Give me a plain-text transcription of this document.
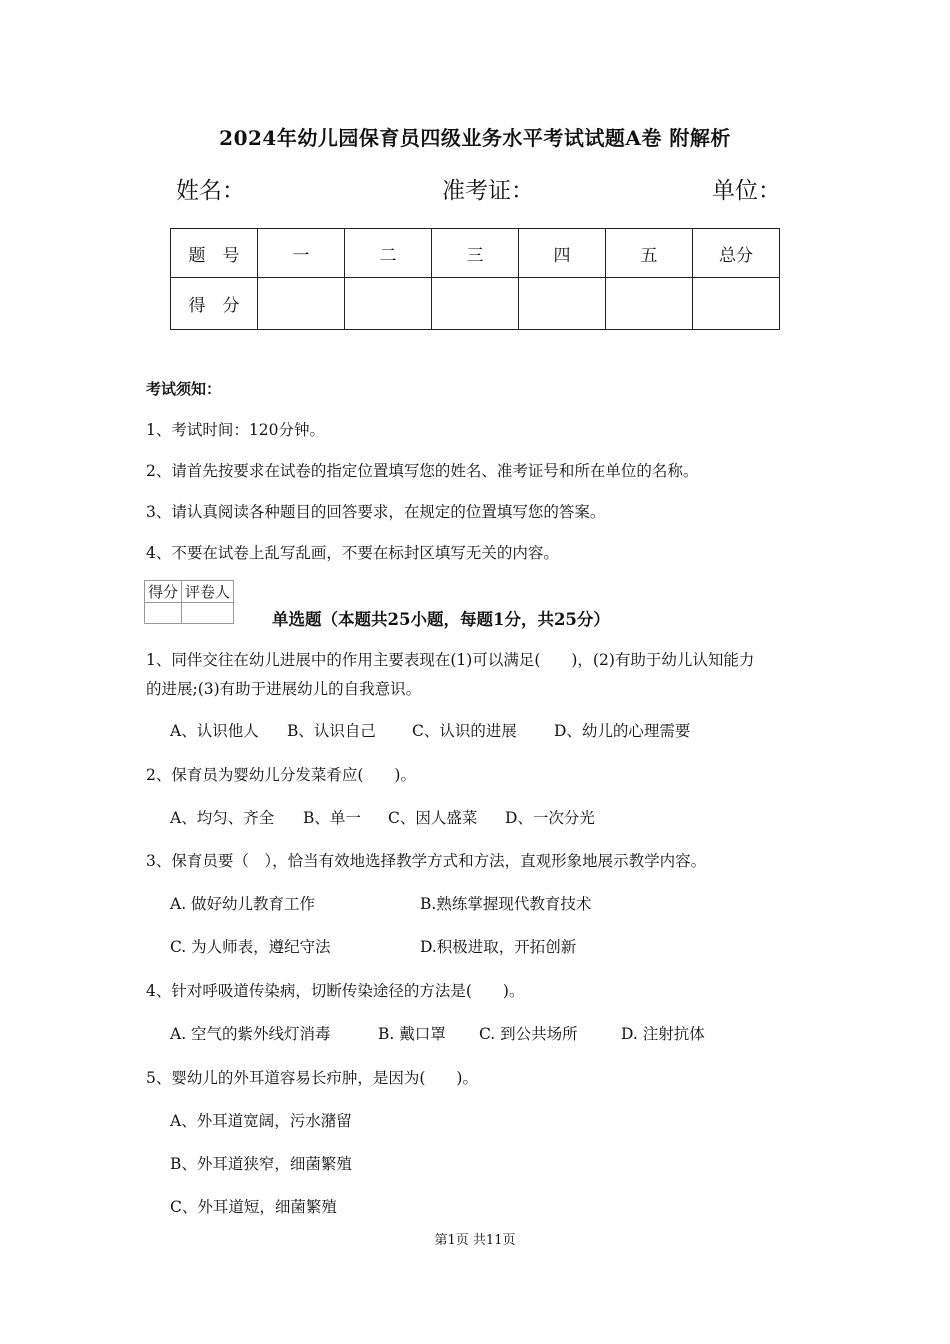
2024年幼儿园保育员四级业务水平考试试题A卷 附解析
姓名：	准考证：	单位：
题　号	一	二	三	四	五	总分
得　分						
考试须知：
1、考试时间：120分钟。
2、请首先按要求在试卷的指定位置填写您的姓名、准考证号和所在单位的名称。
3、请认真阅读各种题目的回答要求，在规定的位置填写您的答案。
4、不要在试卷上乱写乱画，不要在标封区填写无关的内容。
得分	评卷人

单选题（本题共25小题，每题1分，共25分）
1、同伴交往在幼儿进展中的作用主要表现在(1)可以满足(　　)，(2)有助于幼儿认知能力
的进展;(3)有助于进展幼儿的自我意识。
A、认识他人 B、认识自己 C、认识的进展 D、幼儿的心理需要
2、保育员为婴幼儿分发菜肴应(　　)。
A、均匀、齐全 B、单一 C、因人盛菜 D、一次分光
3、保育员要（　），恰当有效地选择教学方式和方法，直观形象地展示教学内容。
A. 做好幼儿教育工作	B.熟练掌握现代教育技术
C. 为人师表，遵纪守法	D.积极进取，开拓创新
4、针对呼吸道传染病，切断传染途径的方法是(　　)。
A. 空气的紫外线灯消毒	B. 戴口罩 C. 到公共场所	D. 注射抗体
5、婴幼儿的外耳道容易长疖肿，是因为(　　)。
A、外耳道宽阔，污水潴留
B、外耳道狭窄，细菌繁殖
C、外耳道短，细菌繁殖
第1页 共11页
